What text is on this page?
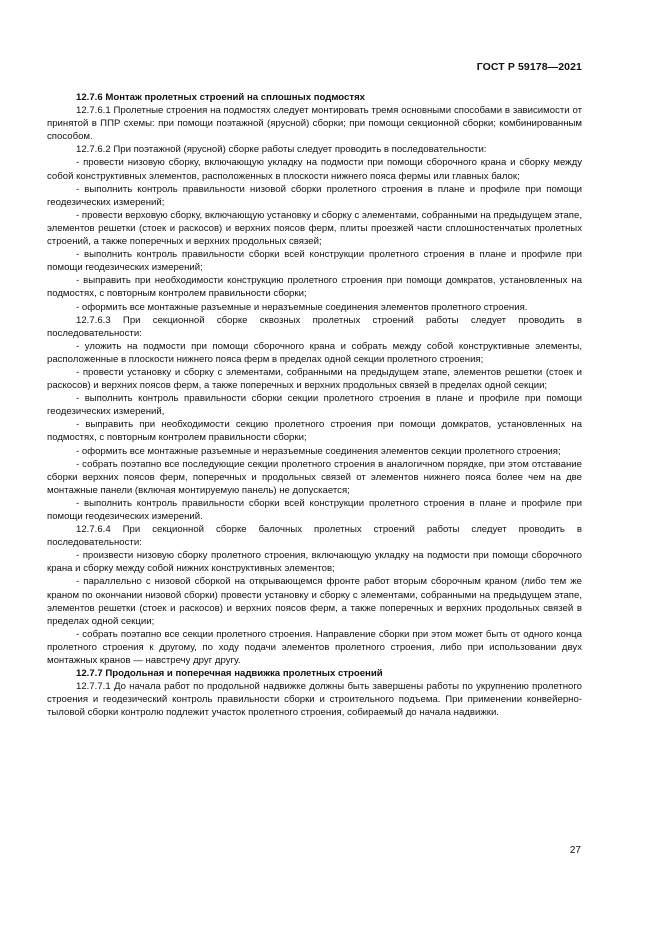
ГОСТ Р 59178—2021

12.7.6 Монтаж пролетных строений на сплошных подмостях

12.7.6.1 Пролетные строения на подмостях следует монтировать тремя основными способами в зависимости от принятой в ППР схемы: при помощи поэтажной (ярусной) сборки; при помощи секционной сборки; комбинированным способом.

12.7.6.2 При поэтажной (ярусной) сборке работы следует проводить в последовательности:

- провести низовую сборку, включающую укладку на подмости при помощи сборочного крана и сборку между собой конструктивных элементов, расположенных в плоскости нижнего пояса фермы или главных балок;

- выполнить контроль правильности низовой сборки пролетного строения в плане и профиле при помощи геодезических измерений;

- провести верховую сборку, включающую установку и сборку с элементами, собранными на предыдущем этапе, элементов решетки (стоек и раскосов) и верхних поясов ферм, плиты проезжей части сплошностенчатых пролетных строений, а также поперечных и верхних продольных связей;

- выполнить контроль правильности сборки всей конструкции пролетного строения в плане и профиле при помощи геодезических измерений;

- выправить при необходимости конструкцию пролетного строения при помощи домкратов, установленных на подмостях, с повторным контролем правильности сборки;

- оформить все монтажные разъемные и неразъемные соединения элементов пролетного строения.

12.7.6.3 При секционной сборке сквозных пролетных строений работы следует проводить в последовательности:

- уложить на подмости при помощи сборочного крана и собрать между собой конструктивные элементы, расположенные в плоскости нижнего пояса ферм в пределах одной секции пролетного строения;

- провести установку и сборку с элементами, собранными на предыдущем этапе, элементов решетки (стоек и раскосов) и верхних поясов ферм, а также поперечных и верхних продольных связей в пределах одной секции;

- выполнить контроль правильности сборки секции пролетного строения в плане и профиле при помощи геодезических измерений,

- выправить при необходимости секцию пролетного строения при помощи домкратов, установленных на подмостях, с повторным контролем правильности сборки;

- оформить все монтажные разъемные и неразъемные соединения элементов секции пролетного строения;

- собрать поэтапно все последующие секции пролетного строения в аналогичном порядке, при этом отставание сборки верхних поясов ферм, поперечных и продольных связей от элементов нижнего пояса более чем на две монтажные панели (включая монтируемую панель) не допускается;

- выполнить контроль правильности сборки всей конструкции пролетного строения в плане и профиле при помощи геодезических измерений.

12.7.6.4 При секционной сборке балочных пролетных строений работы следует проводить в последовательности:

- произвести низовую сборку пролетного строения, включающую укладку на подмости при помощи сборочного крана и сборку между собой нижних конструктивных элементов;

- параллельно с низовой сборкой на открывающемся фронте работ вторым сборочным краном (либо тем же краном по окончании низовой сборки) провести установку и сборку с элементами, собранными на предыдущем этапе, элементов решетки (стоек и раскосов) и верхних поясов ферм, а также поперечных и верхних продольных связей в пределах одной секции;

- собрать поэтапно все секции пролетного строения. Направление сборки при этом может быть от одного конца пролетного строения к другому, по ходу подачи элементов пролетного строения, либо при использовании двух монтажных кранов — навстречу друг другу.

12.7.7 Продольная и поперечная надвижка пролетных строений

12.7.7.1 До начала работ по продольной надвижке должны быть завершены работы по укрупнению пролетного строения и геодезический контроль правильности сборки и строительного подъема. При применении конвейерно-тыловой сборки контролю подлежит участок пролетного строения, собираемый до начала надвижки.

27
